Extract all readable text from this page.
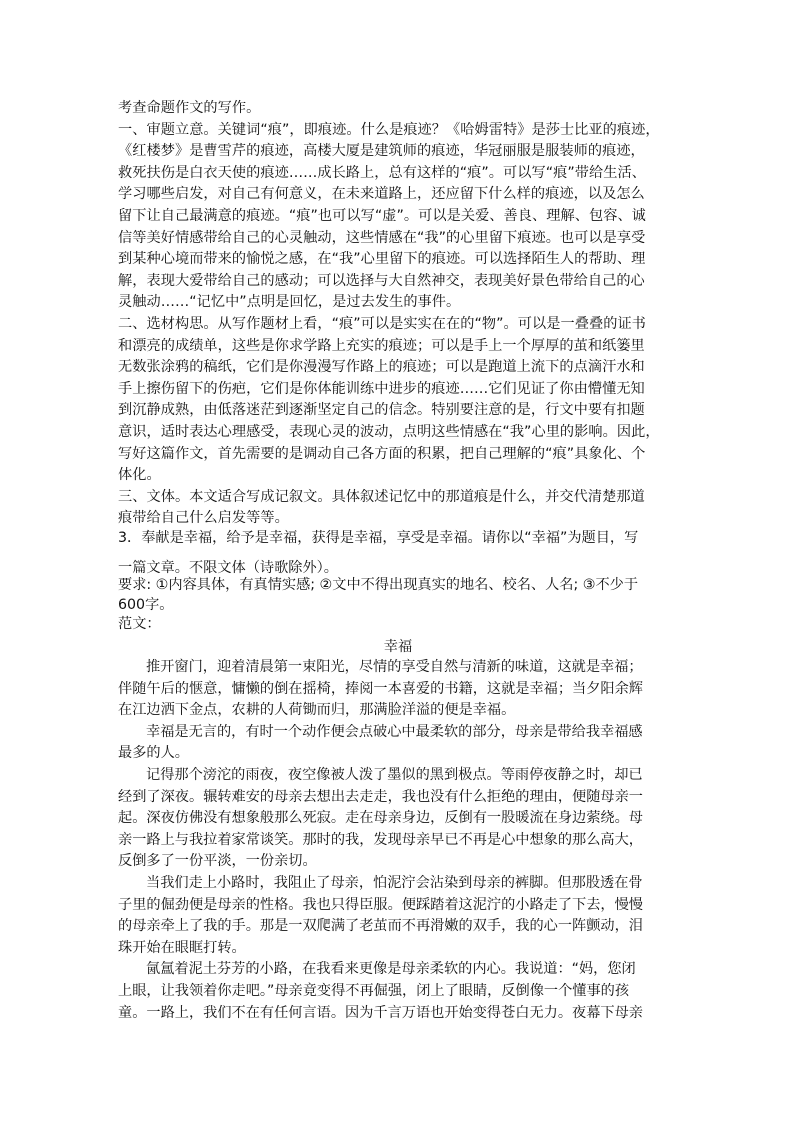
考查命题作文的写作。
一、审题立意。关键词“痕”，即痕迹。什么是痕迹？《哈姆雷特》是莎士比亚的痕迹，
《红楼梦》是曹雪芹的痕迹，高楼大厦是建筑师的痕迹，华冠丽服是服装师的痕迹，
救死扶伤是白衣天使的痕迹……成长路上，总有这样的“痕”。可以写“痕”带给生活、
学习哪些启发，对自己有何意义，在未来道路上，还应留下什么样的痕迹，以及怎么
留下让自己最满意的痕迹。“痕”也可以写“虚”。可以是关爱、善良、理解、包容、诚
信等美好情感带给自己的心灵触动，这些情感在“我”的心里留下痕迹。也可以是享受
到某种心境而带来的愉悦之感，在“我”心里留下的痕迹。可以选择陌生人的帮助、理
解，表现大爱带给自己的感动；可以选择与大自然神交，表现美好景色带给自己的心
灵触动……“记忆中”点明是回忆，是过去发生的事件。
二、选材构思。从写作题材上看，“痕”可以是实实在在的“物”。可以是一叠叠的证书
和漂亮的成绩单，这些是你求学路上充实的痕迹；可以是手上一个厚厚的茧和纸篓里
无数张涂鸦的稿纸，它们是你漫漫写作路上的痕迹；可以是跑道上流下的点滴汗水和
手上擦伤留下的伤疤，它们是你体能训练中进步的痕迹……它们见证了你由懵懂无知
到沉静成熟，由低落迷茫到逐渐坚定自己的信念。特别要注意的是，行文中要有扣题
意识，适时表达心理感受，表现心灵的波动，点明这些情感在“我”心里的影响。因此，
写好这篇作文，首先需要的是调动自己各方面的积累，把自己理解的“痕”具象化、个
体化。
三、文体。本文适合写成记叙文。具体叙述记忆中的那道痕是什么，并交代清楚那道
痕带给自己什么启发等等。
3．奉献是幸福，给予是幸福，获得是幸福，享受是幸福。请你以“幸福”为题目，写
一篇文章。不限文体（诗歌除外）。
要求: ①内容具体，有真情实感; ②文中不得出现真实的地名、校名、人名; ③不少于
600字。
范文：
幸福
推开窗门，迎着清晨第一束阳光，尽情的享受自然与清新的味道，这就是幸福；
伴随午后的惬意，慵懒的倒在摇椅，捧阅一本喜爱的书籍，这就是幸福；当夕阳余辉
在江边洒下金点，农耕的人荷锄而归，那满脸洋溢的便是幸福。
幸福是无言的，有时一个动作便会点破心中最柔软的部分，母亲是带给我幸福感
最多的人。
记得那个滂沱的雨夜，夜空像被人泼了墨似的黑到极点。等雨停夜静之时，却已
经到了深夜。辗转难安的母亲去想出去走走，我也没有什么拒绝的理由，便随母亲一
起。深夜仿佛没有想象般那么死寂。走在母亲身边，反倒有一股暖流在身边萦绕。母
亲一路上与我拉着家常谈笑。那时的我，发现母亲早已不再是心中想象的那么高大，
反倒多了一份平淡，一份亲切。
当我们走上小路时，我阻止了母亲，怕泥泞会沾染到母亲的裤脚。但那股透在骨
子里的倔劲便是母亲的性格。我也只得臣服。便踩踏着这泥泞的小路走了下去，慢慢
的母亲牵上了我的手。那是一双爬满了老茧而不再滑嫩的双手，我的心一阵颤动，泪
珠开始在眼眶打转。
氤氲着泥土芬芳的小路，在我看来更像是母亲柔软的内心。我说道：“妈，您闭
上眼，让我领着你走吧。”母亲竟变得不再倔强，闭上了眼睛，反倒像一个懂事的孩
童。一路上，我们不在有任何言语。因为千言万语也开始变得苍白无力。夜幕下母亲
